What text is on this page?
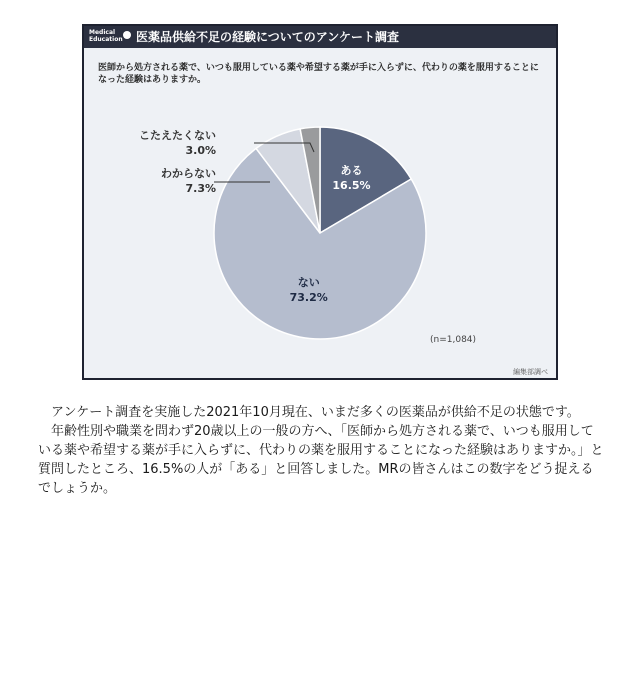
Medical
Education	医薬品供給不足の経験についてのアンケート調査
医師から処方される薬で、いつも服用している薬や希望する薬が手に入らずに、代わりの薬を服用することになった経験はありますか。
ある
16.5%
ない
73.2%
わからない
7.3%
こたえたくない
3.0%
(n=1,084)
編集部調べ

アンケート調査を実施した2021年10月現在、いまだ多くの医薬品が供給不足の状態です。

年齢性別や職業を問わず20歳以上の一般の方へ、「医師から処方される薬で、いつも服用している薬や希望する薬が手に入らずに、代わりの薬を服用することになった経験はありますか。」と質問したところ、16.5%の人が「ある」と回答しました。MRの皆さんはこの数字をどう捉えるでしょうか。
